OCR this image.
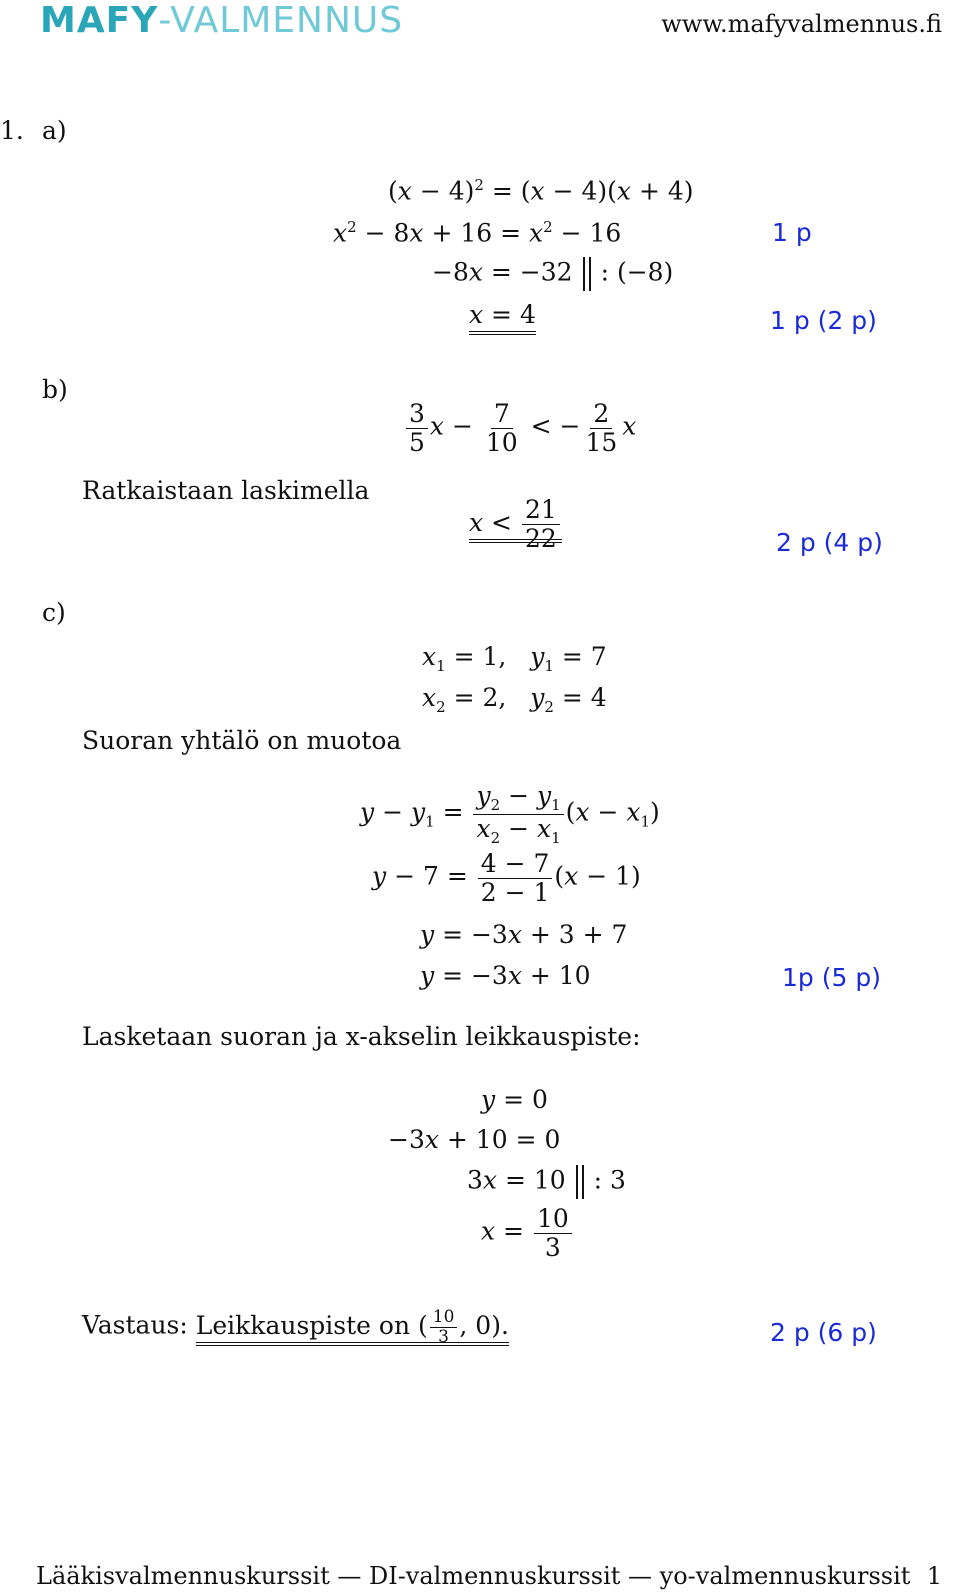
MAFY-VALMENNUS	www.mafyvalmennus.fi
1. a)
$(x - 4)^2 = (x - 4)(x + 4)$
$x^2 - 8x + 16 = x^2 - 16$	1 p
−8x = −32 : (−8)
x = 4	1 p (2 p)
b)
$\frac{3}{5}$ $x - \frac{7}{10}$ < − $\frac{2}{15}$ x
Ratkaistaan laskimella
$x < \frac{21}{22}$	2 p (4 p)
c)
$x_1 = 1$,   $y_1 = 7$
$x_2 = 2$,   $y_2 = 4$
Suoran yhtälö on muotoa
$y - y_1 = \frac{y_2 - y_1}{x_2 - x_1} (x - x_1)$
$y - 7 = \frac{4 - 7}{2 - 1} (x - 1)$
y = −3x + 3 + 7
y = −3x + 10	1p (5 p)
Lasketaan suoran ja x-akselin leikkauspiste:
y = 0
−3x + 10 = 0
3x = 10 : 3
$x = \frac{10}{3}$
Vastaus: Leikkauspiste on ( $\frac{10}{3}$ , 0).	2 p (6 p)
Lääkisvalmennuskurssit — DI-valmennuskurssit — yo-valmennuskurssit 1
